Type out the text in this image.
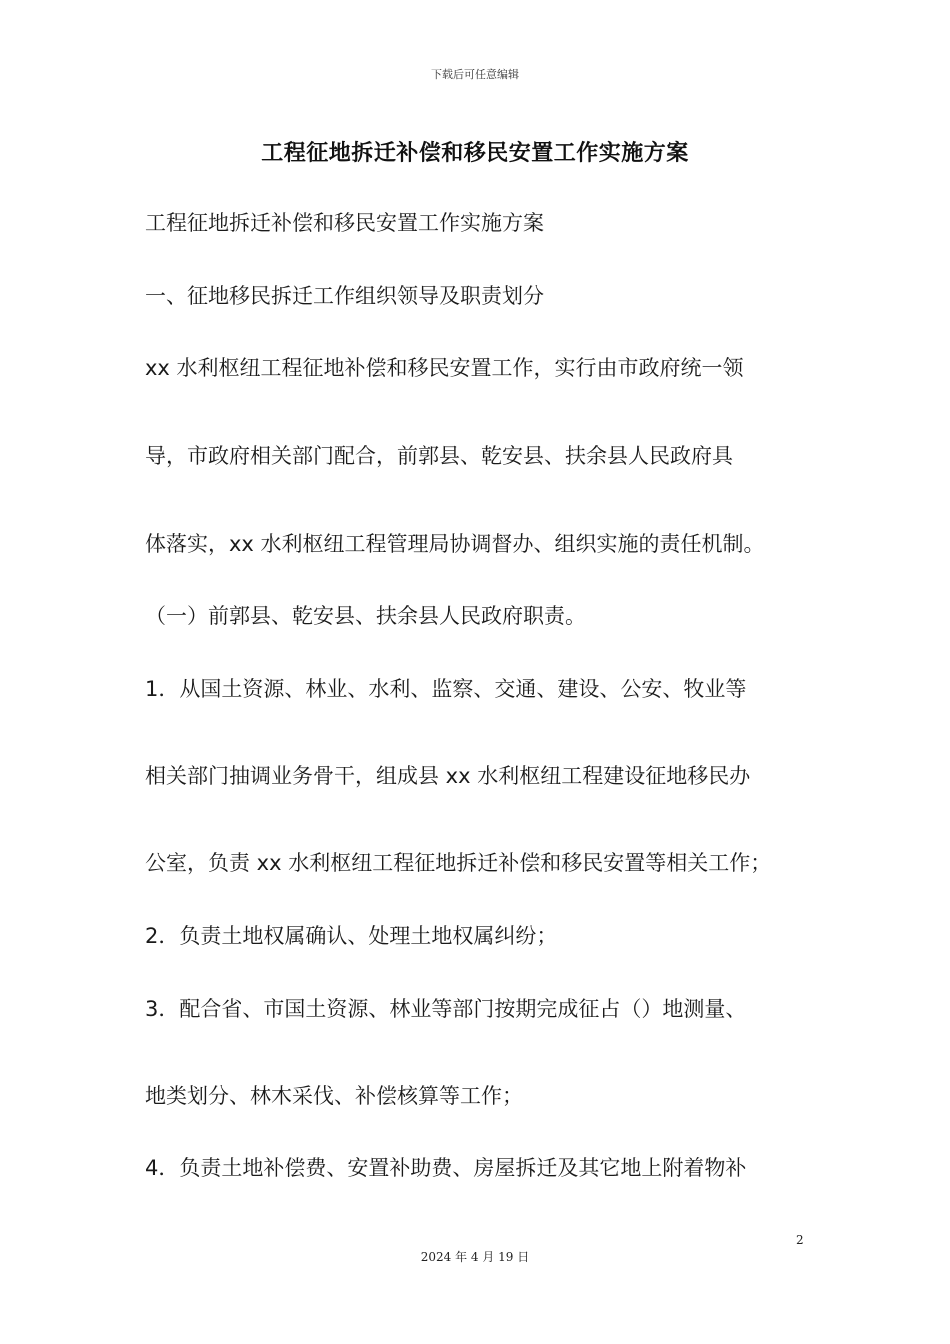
下载后可任意编辑
工程征地拆迁补偿和移民安置工作实施方案
工程征地拆迁补偿和移民安置工作实施方案
一、征地移民拆迁工作组织领导及职责划分
xx 水利枢纽工程征地补偿和移民安置工作，实行由市政府统一领
导，市政府相关部门配合，前郭县、乾安县、扶余县人民政府具
体落实，xx 水利枢纽工程管理局协调督办、组织实施的责任机制。
（一）前郭县、乾安县、扶余县人民政府职责。
1．从国土资源、林业、水利、监察、交通、建设、公安、牧业等
相关部门抽调业务骨干，组成县 xx 水利枢纽工程建设征地移民办
公室，负责 xx 水利枢纽工程征地拆迁补偿和移民安置等相关工作；
2．负责土地权属确认、处理土地权属纠纷；
3．配合省、市国土资源、林业等部门按期完成征占（）地测量、
地类划分、林木采伐、补偿核算等工作；
4．负责土地补偿费、安置补助费、房屋拆迁及其它地上附着物补
2
2024 年 4 月 19 日
